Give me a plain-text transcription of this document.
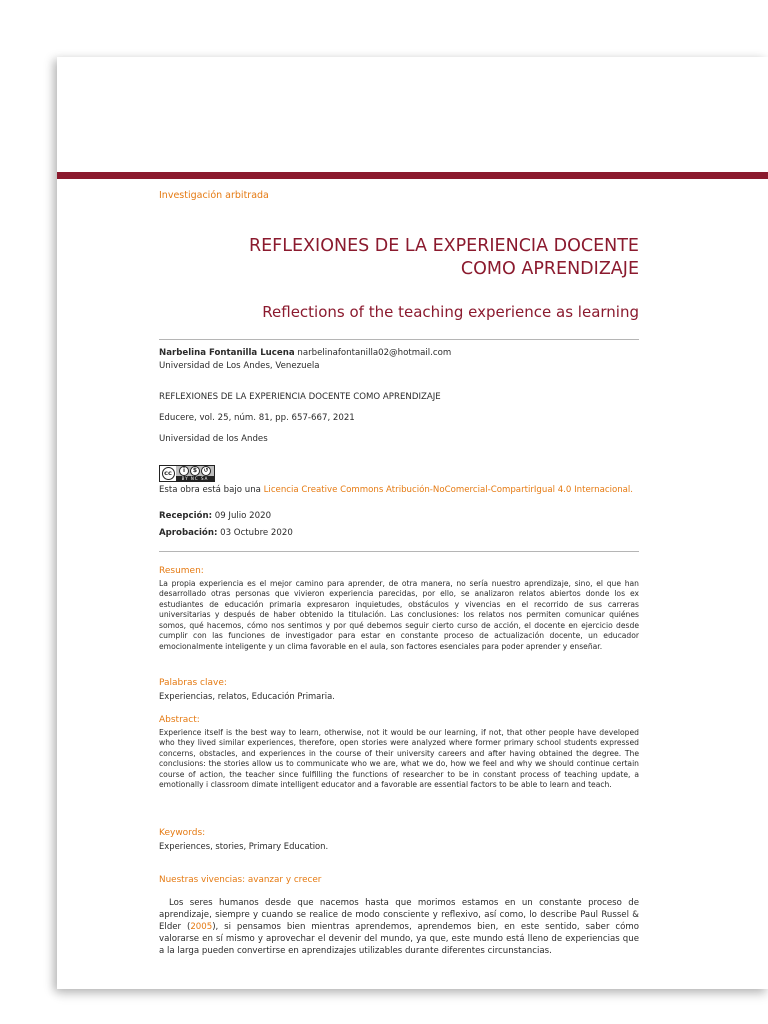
Investigación arbitrada

REFLEXIONES DE LA EXPERIENCIA DOCENTE
COMO APRENDIZAJE
Reflections of the teaching experience as learning
Narbelina Fontanilla Lucena narbelinafontanilla02@hotmail.com
Universidad de Los Andes, Venezuela
REFLEXIONES DE LA EXPERIENCIA DOCENTE COMO APRENDIZAJE
Educere, vol. 25, núm. 81, pp. 657-667, 2021
Universidad de los Andes
cc	i	$	↺
BY NC SA
Esta obra está bajo una Licencia Creative Commons Atribución-NoComercial-CompartirIgual 4.0 Internacional.
Recepción: 09 Julio 2020
Aprobación: 03 Octubre 2020

Resumen:

La propia experiencia es el mejor camino para aprender, de otra manera, no sería nuestro aprendizaje, sino, el que han desarrollado otras personas que vivieron experiencia parecidas, por ello, se analizaron relatos abiertos donde los ex estudiantes de educación primaria expresaron inquietudes, obstáculos y vivencias en el recorrido de sus carreras universitarias y después de haber obtenido la titulación. Las conclusiones: los relatos nos permiten comunicar quiénes somos, qué hacemos, cómo nos sentimos y por qué debemos seguir cierto curso de acción, el docente en ejercicio desde cumplir con las funciones de investigador para estar en constante proceso de actualización docente, un educador emocionalmente inteligente y un clima favorable en el aula, son factores esenciales para poder aprender y enseñar.

Palabras clave:

Experiencias, relatos, Educación Primaria.

Abstract:

Experience itself is the best way to learn, otherwise, not it would be our learning, if not, that other people have developed who they lived similar experiences, therefore, open stories were analyzed where former primary school students expressed concerns, obstacles, and experiences in the course of their university careers and after having obtained the degree. The conclusions: the stories allow us to communicate who we are, what we do, how we feel and why we should continue certain course of action, the teacher since fulfilling the functions of researcher to be in constant process of teaching update, a emotionally i classroom dimate intelligent educator and a favorable are essential factors to be able to learn and teach.

Keywords:

Experiences, stories, Primary Education.

Nuestras vivencias: avanzar y crecer

Los seres humanos desde que nacemos hasta que morimos estamos en un constante proceso de aprendizaje, siempre y cuando se realice de modo consciente y reflexivo, así como, lo describe Paul Russel & Elder (2005), si pensamos bien mientras aprendemos, aprendemos bien, en este sentido, saber cómo valorarse en sí mismo y aprovechar el devenir del mundo, ya que, este mundo está lleno de experiencias que a la larga pueden convertirse en aprendizajes utilizables durante diferentes circunstancias.
